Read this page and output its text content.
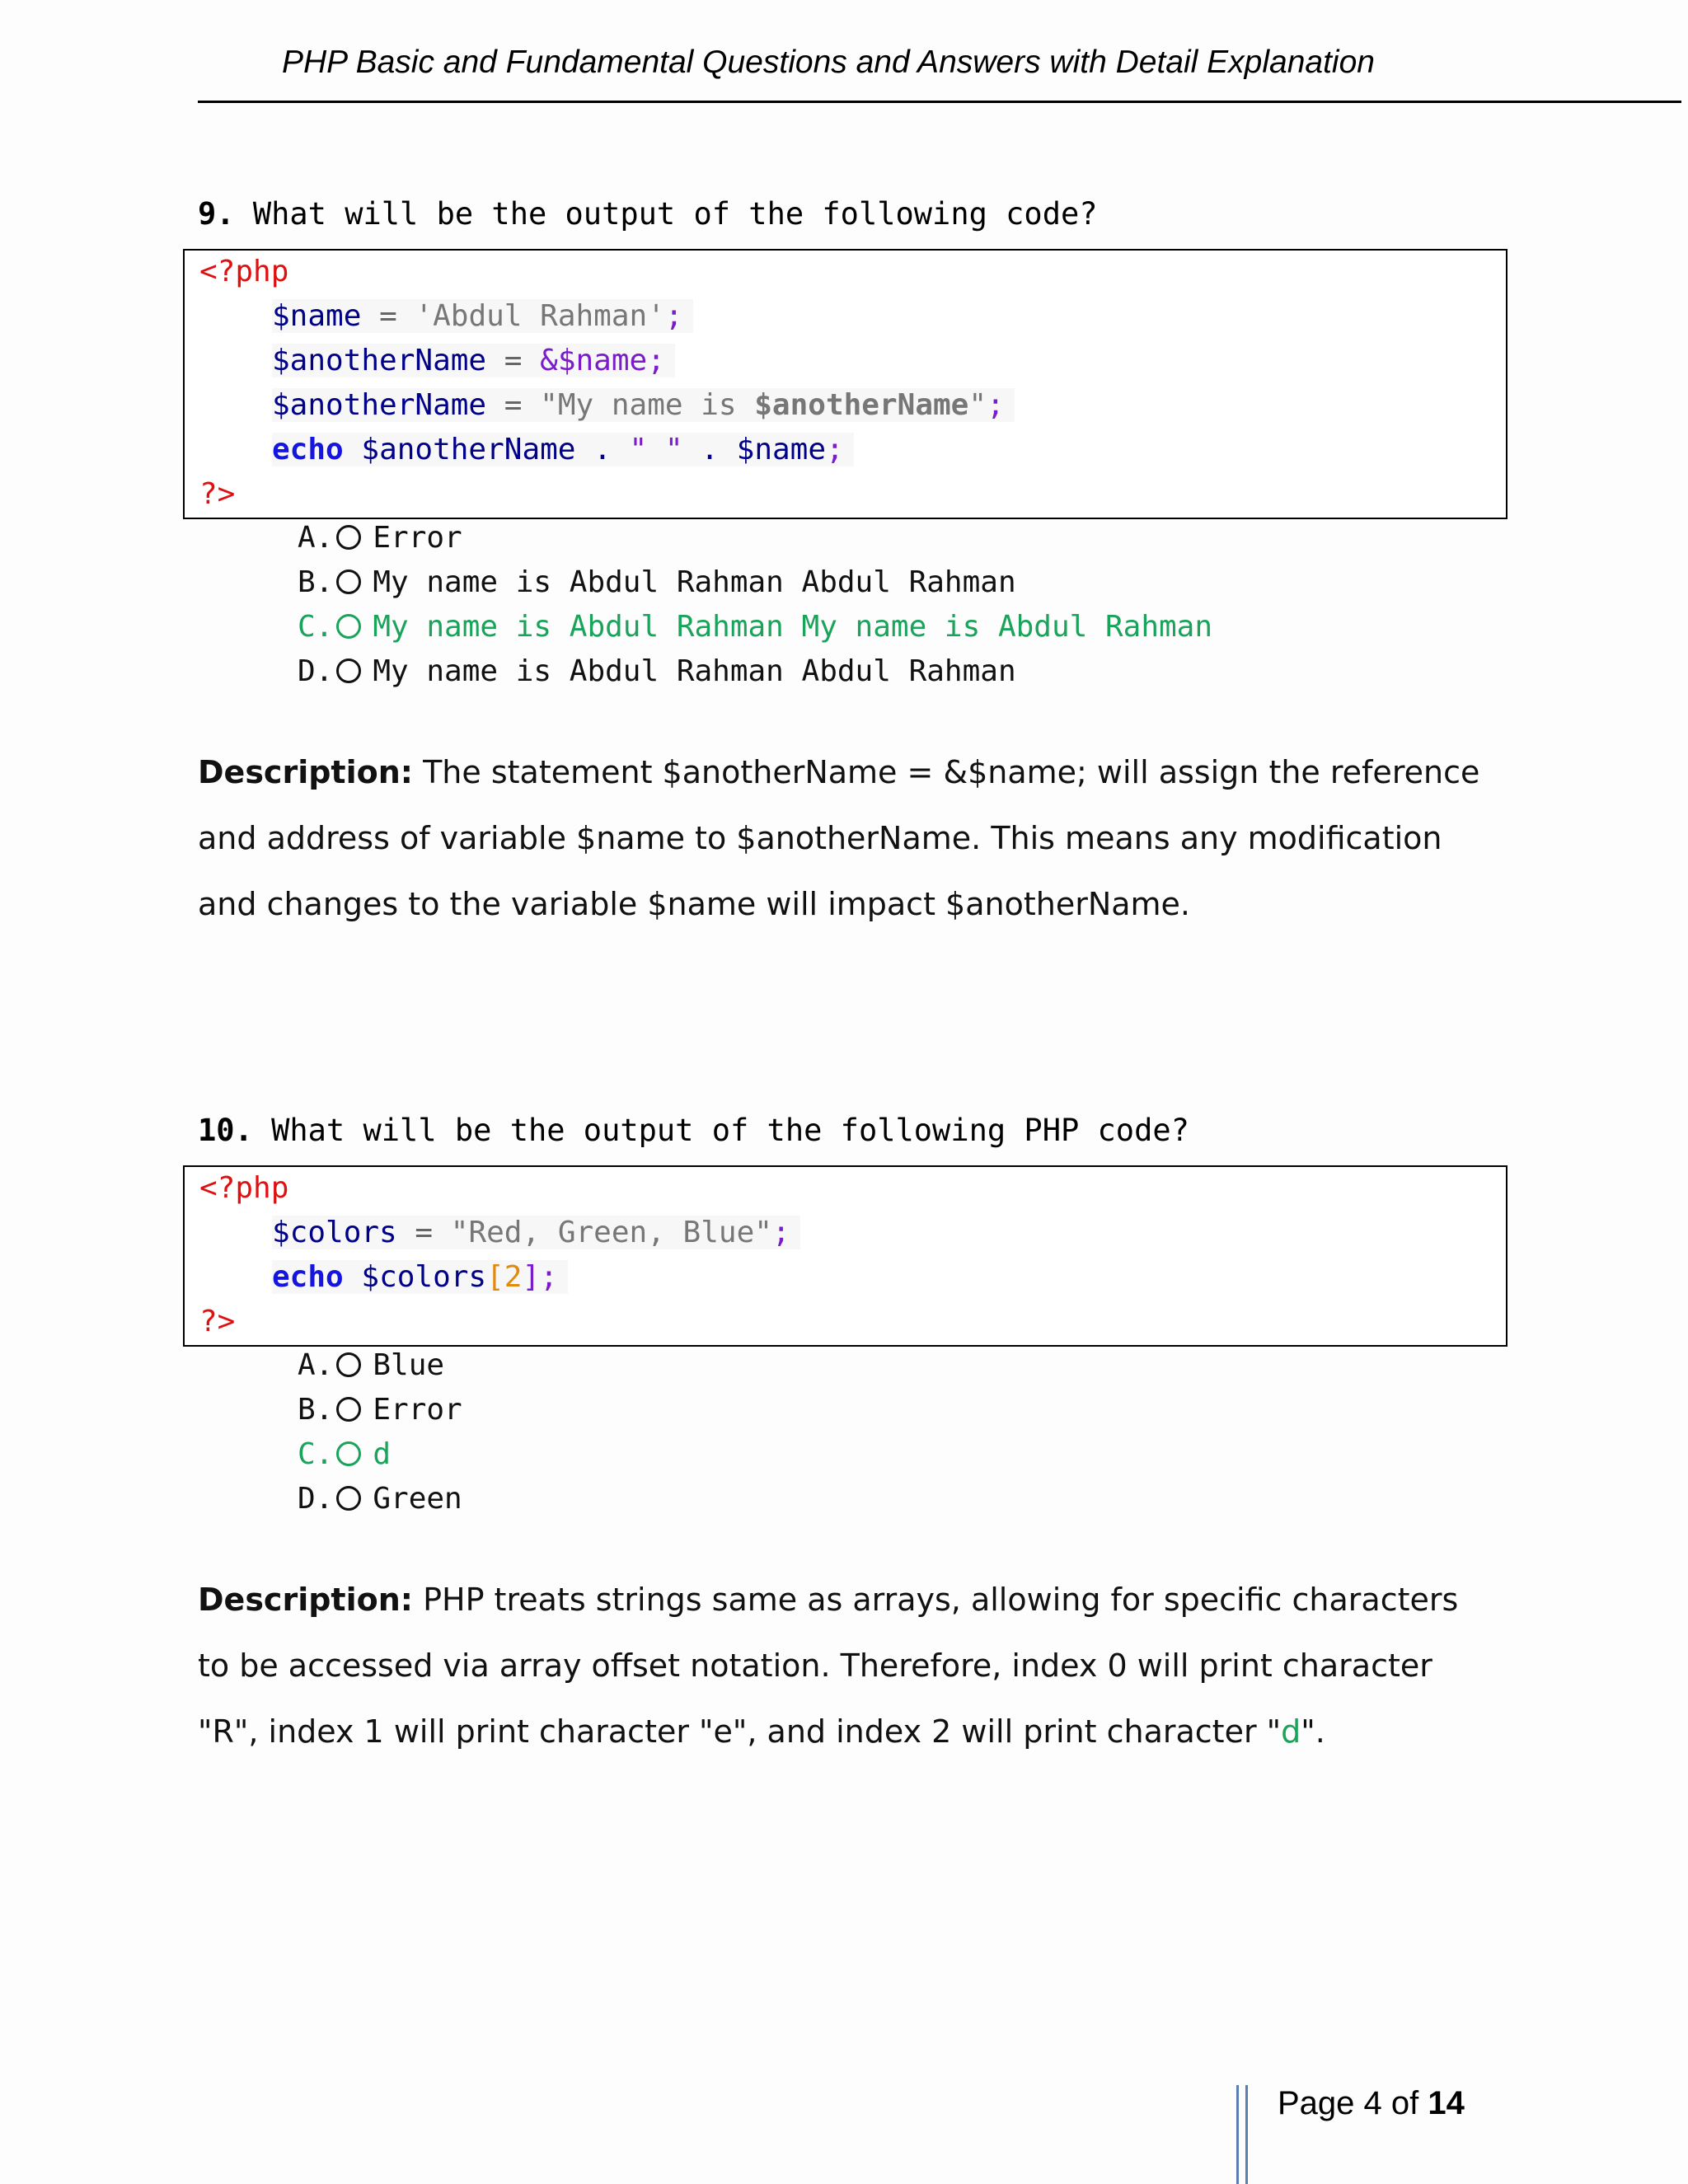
PHP Basic and Fundamental Questions and Answers with Detail Explanation
9. What will be the output of the following code?
<?php
$name = 'Abdul Rahman';
$anotherName = &$name;
$anotherName = "My name is $anotherName";
echo $anotherName . " " . $name;
?>
A. Error
B. My name is Abdul Rahman Abdul Rahman
C. My name is Abdul Rahman My name is Abdul Rahman
D. My name is Abdul Rahman Abdul Rahman
Description: The statement $anotherName = &$name; will assign the reference and address of variable $name to $anotherName. This means any modification and changes to the variable $name will impact $anotherName.
10. What will be the output of the following PHP code?
<?php
$colors = "Red, Green, Blue";
echo $colors[2];
?>
A. Blue
B. Error
C. d
D. Green
Description: PHP treats strings same as arrays, allowing for specific characters to be accessed via array offset notation. Therefore, index 0 will print character "R", index 1 will print character "e", and index 2 will print character "d".
Page 4 of 14
